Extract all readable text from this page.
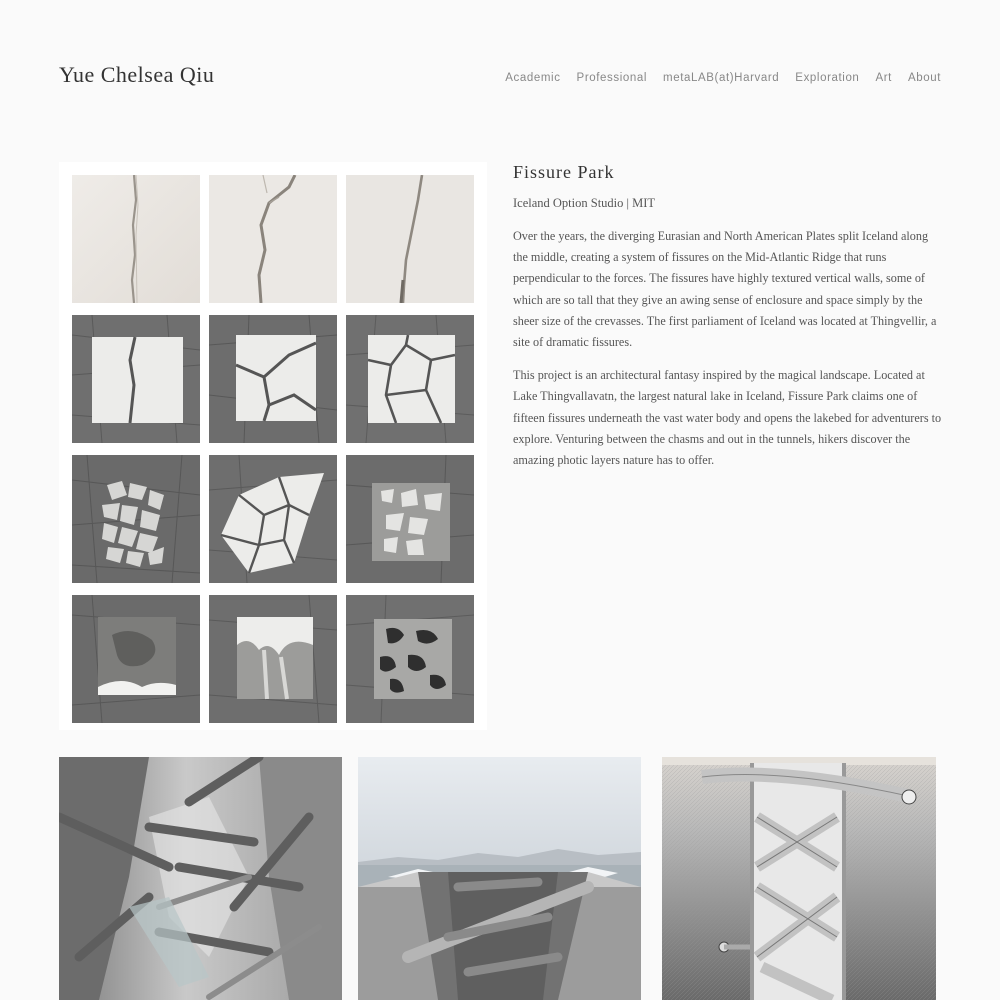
Yue Chelsea Qiu	Academic Professional metaLAB(at)Harvard Exploration Art About
Fissure Park
Iceland Option Studio | MIT

Over the years, the diverging Eurasian and North American Plates split Iceland along the middle, creating a system of fissures on the Mid-Atlantic Ridge that runs perpendicular to the forces. The fissures have highly textured vertical walls, some of which are so tall that they give an awing sense of enclosure and space simply by the sheer size of the crevasses. The first parliament of Iceland was located at Thingvellir, a site of dramatic fissures.

This project is an architectural fantasy inspired by the magical landscape. Located at Lake Thingvallavatn, the largest natural lake in Iceland, Fissure Park claims one of fifteen fissures underneath the vast water body and opens the lakebed for adventurers to explore. Venturing between the chasms and out in the tunnels, hikers discover the amazing photic layers nature has to offer.
